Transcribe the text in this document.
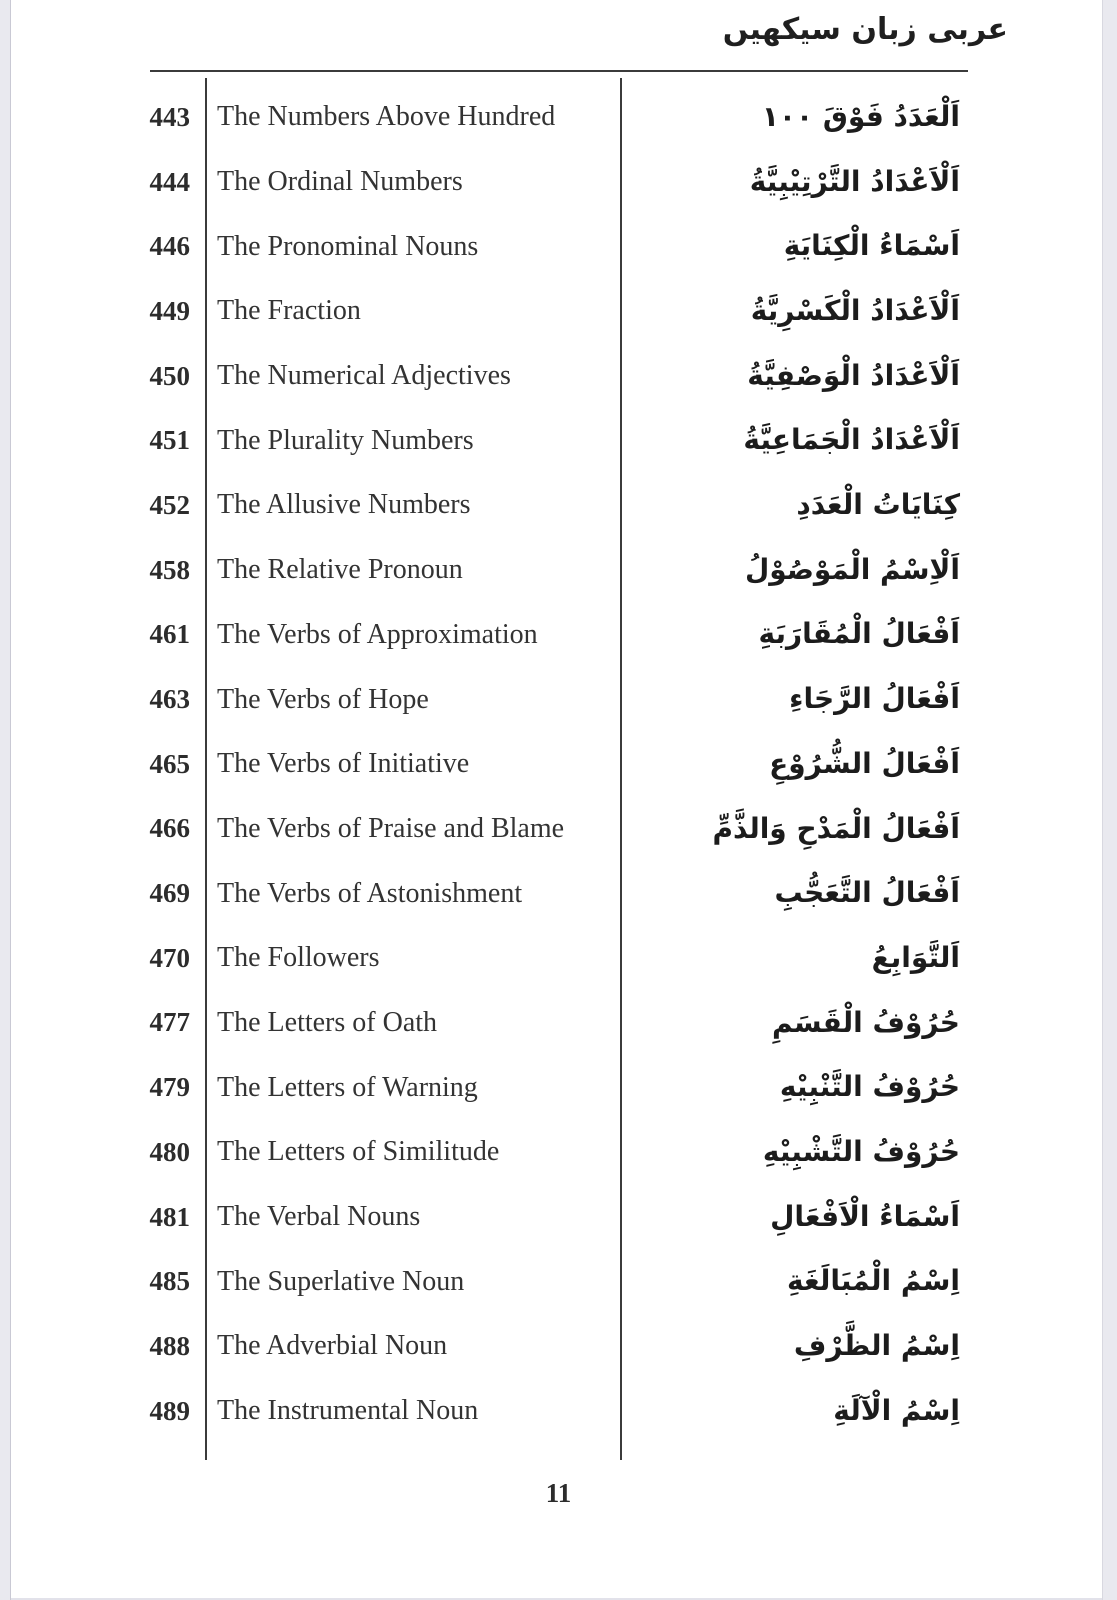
عربی زبان سیکھیں
443 The Numbers Above Hundred	اَلْعَدَدُ فَوْقَ ١٠٠
444 The Ordinal Numbers	اَلْاَعْدَادُ التَّرْتِيْبِيَّةُ
446 The Pronominal Nouns	اَسْمَاءُ الْكِنَايَةِ
449 The Fraction	اَلْاَعْدَادُ الْكَسْرِيَّةُ
450 The Numerical Adjectives	اَلْاَعْدَادُ الْوَصْفِيَّةُ
451 The Plurality Numbers	اَلْاَعْدَادُ الْجَمَاعِيَّةُ
452 The Allusive Numbers	كِنَايَاتُ الْعَدَدِ
458 The Relative Pronoun	اَلْاِسْمُ الْمَوْصُوْلُ
461 The Verbs of Approximation	اَفْعَالُ الْمُقَارَبَةِ
463 The Verbs of Hope	اَفْعَالُ الرَّجَاءِ
465 The Verbs of Initiative	اَفْعَالُ الشُّرُوْعِ
466 The Verbs of Praise and Blame	اَفْعَالُ الْمَدْحِ وَالذَّمِّ
469 The Verbs of Astonishment	اَفْعَالُ التَّعَجُّبِ
470 The Followers	اَلتَّوَابِعُ
477 The Letters of Oath	حُرُوْفُ الْقَسَمِ
479 The Letters of Warning	حُرُوْفُ التَّنْبِيْهِ
480 The Letters of Similitude	حُرُوْفُ التَّشْبِيْهِ
481 The Verbal Nouns	اَسْمَاءُ الْاَفْعَالِ
485 The Superlative Noun	اِسْمُ الْمُبَالَغَةِ
488 The Adverbial Noun	اِسْمُ الظَّرْفِ
489 The Instrumental Noun	اِسْمُ الْآلَةِ
11
